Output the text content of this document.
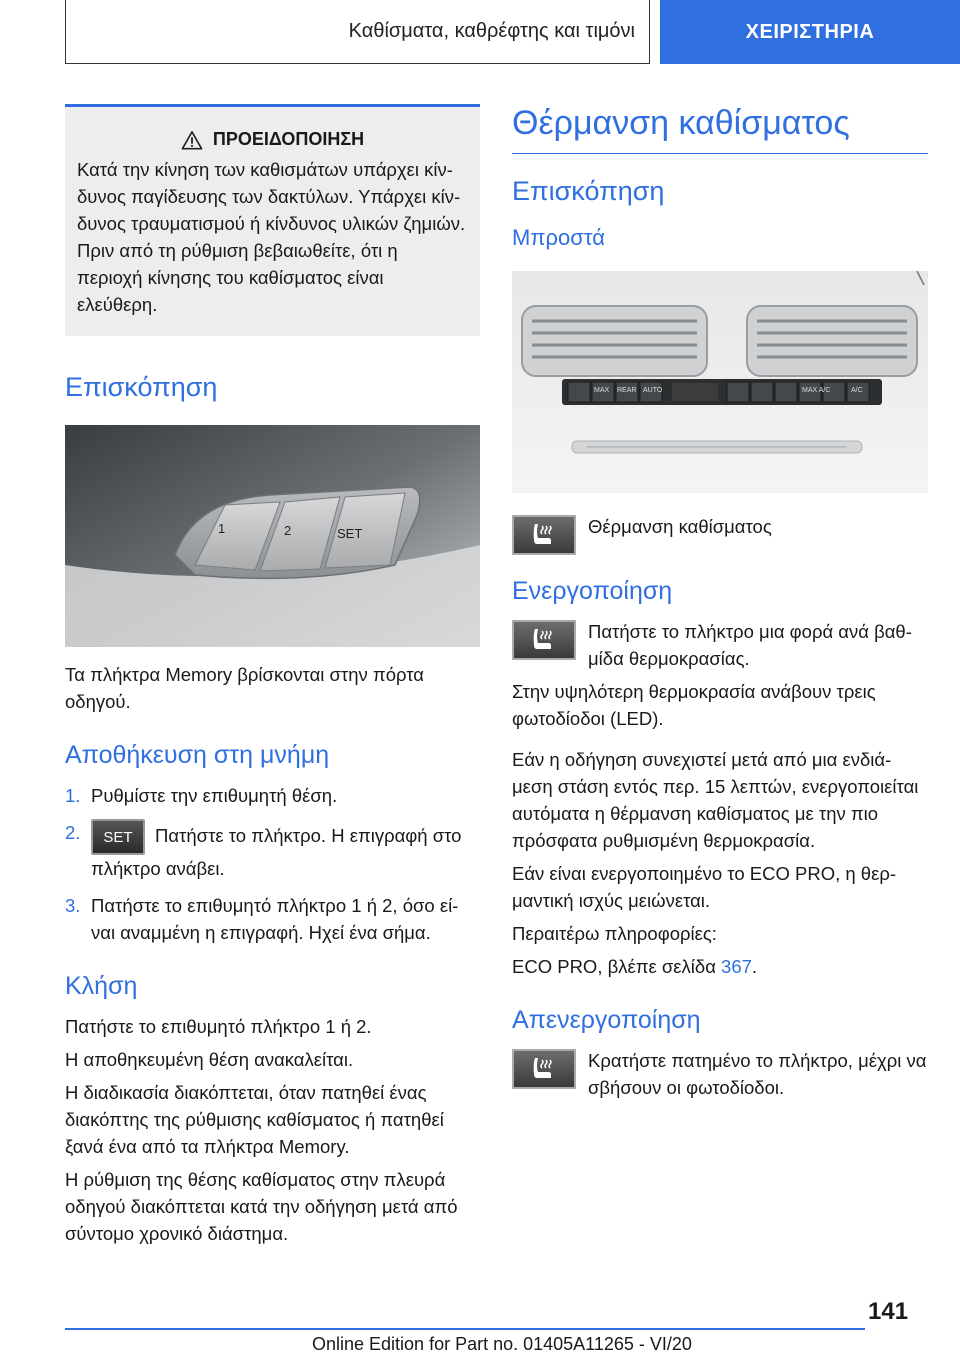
Καθίσματα, καθρέφτης και τιμόνι	ΧΕΙΡΙΣΤΗΡΙΑ
ΠΡΟΕΙΔΟΠΟΙΗΣΗ

Κατά την κίνηση των καθισμάτων υπάρχει κίν-δυνος παγίδευσης των δακτύλων. Υπάρχει κίν-δυνος τραυματισμού ή κίνδυνος υλικών ζημιών. Πριν από τη ρύθμιση βεβαιωθείτε, ότι η περιοχή κίνησης του καθίσματος είναι ελεύθερη.

Επισκόπηση
1	2	SET

Τα πλήκτρα Memory βρίσκονται στην πόρτα οδηγού.

Αποθήκευση στη μνήμη
1. Ρυθμίστε την επιθυμητή θέση.
2.	SET Πατήστε το πλήκτρο. Η επιγραφή στο πλήκτρο ανάβει.
3. Πατήστε το επιθυμητό πλήκτρο 1 ή 2, όσο εί-ναι αναμμένη η επιγραφή. Ηχεί ένα σήμα.
Κλήση

Πατήστε το επιθυμητό πλήκτρο 1 ή 2.

Η αποθηκευμένη θέση ανακαλείται.

Η διαδικασία διακόπτεται, όταν πατηθεί ένας διακόπτης της ρύθμισης καθίσματος ή πατηθεί ξανά ένα από τα πλήκτρα Memory.

Η ρύθμιση της θέσης καθίσματος στην πλευρά οδηγού διακόπτεται κατά την οδήγηση μετά από σύντομο χρονικό διάστημα.

Θέρμανση καθίσματος
Επισκόπηση
Μπροστά
MAX REAR AUTO	MAX A/C	A/C

Θέρμανση καθίσματος

Ενεργοποίηση

Πατήστε το πλήκτρο μια φορά ανά βαθ-μίδα θερμοκρασίας.

Στην υψηλότερη θερμοκρασία ανάβουν τρεις φωτοδίοδοι (LED).

Εάν η οδήγηση συνεχιστεί μετά από μια ενδιά-μεση στάση εντός περ. 15 λεπτών, ενεργοποιείται αυτόματα η θέρμανση καθίσματος με την πιο πρόσφατα ρυθμισμένη θερμοκρασία.

Εάν είναι ενεργοποιημένο το ECO PRO, η θερ-μαντική ισχύς μειώνεται.

Περαιτέρω πληροφορίες:

ECO PRO, βλέπε σελίδα 367.

Απενεργοποίηση

Κρατήστε πατημένο το πλήκτρο, μέχρι να σβήσουν οι φωτοδίοδοι.

141
Online Edition for Part no. 01405A11265 - VI/20
